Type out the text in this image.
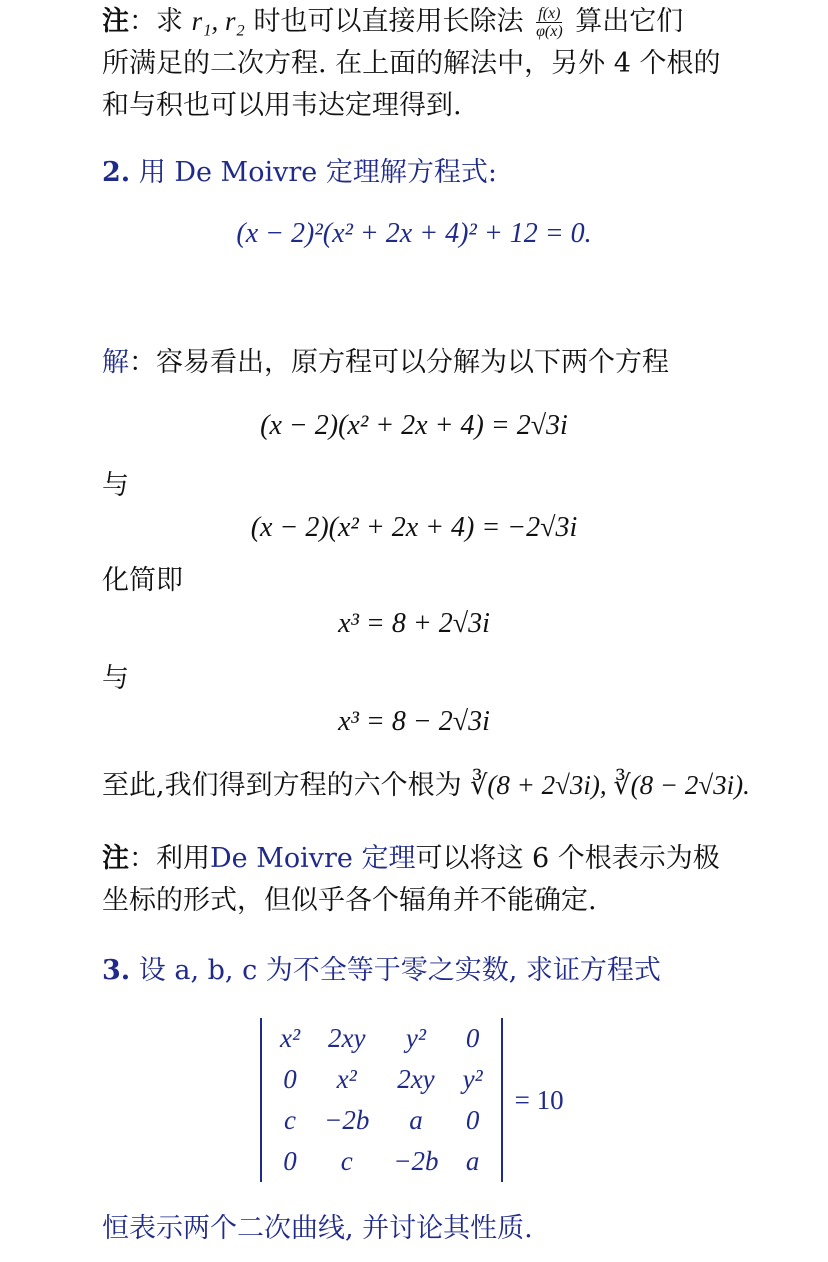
注：求 r₁, r₂ 时也可以直接用长除法 $\frac{f(x)}{\varphi(x)}$ 算出它们
所满足的二次方程. 在上面的解法中，另外 4 个根的
和与积也可以用韦达定理得到.
2. 用 De Moivre 定理解方程式:
(x − 2)²(x² + 2x + 4)² + 12 = 0.
解：容易看出，原方程可以分解为以下两个方程
(x − 2)(x² + 2x + 4) = 2√3i
与
(x − 2)(x² + 2x + 4) = −2√3i
化简即
x³ = 8 + 2√3i
与
x³ = 8 − 2√3i
至此,我们得到方程的六个根为 ∛(8 + 2√3i), ∛(8 − 2√3i).
注：利用De Moivre 定理可以将这 6 个根表示为极
坐标的形式，但似乎各个辐角并不能确定.
3. 设 a, b, c 为不全等于零之实数, 求证方程式
x²	2xy	y²	0
0	x²	2xy	y²
c	−2b	a	0
0	c	−2b	a
= 10
恒表示两个二次曲线, 并讨论其性质.
